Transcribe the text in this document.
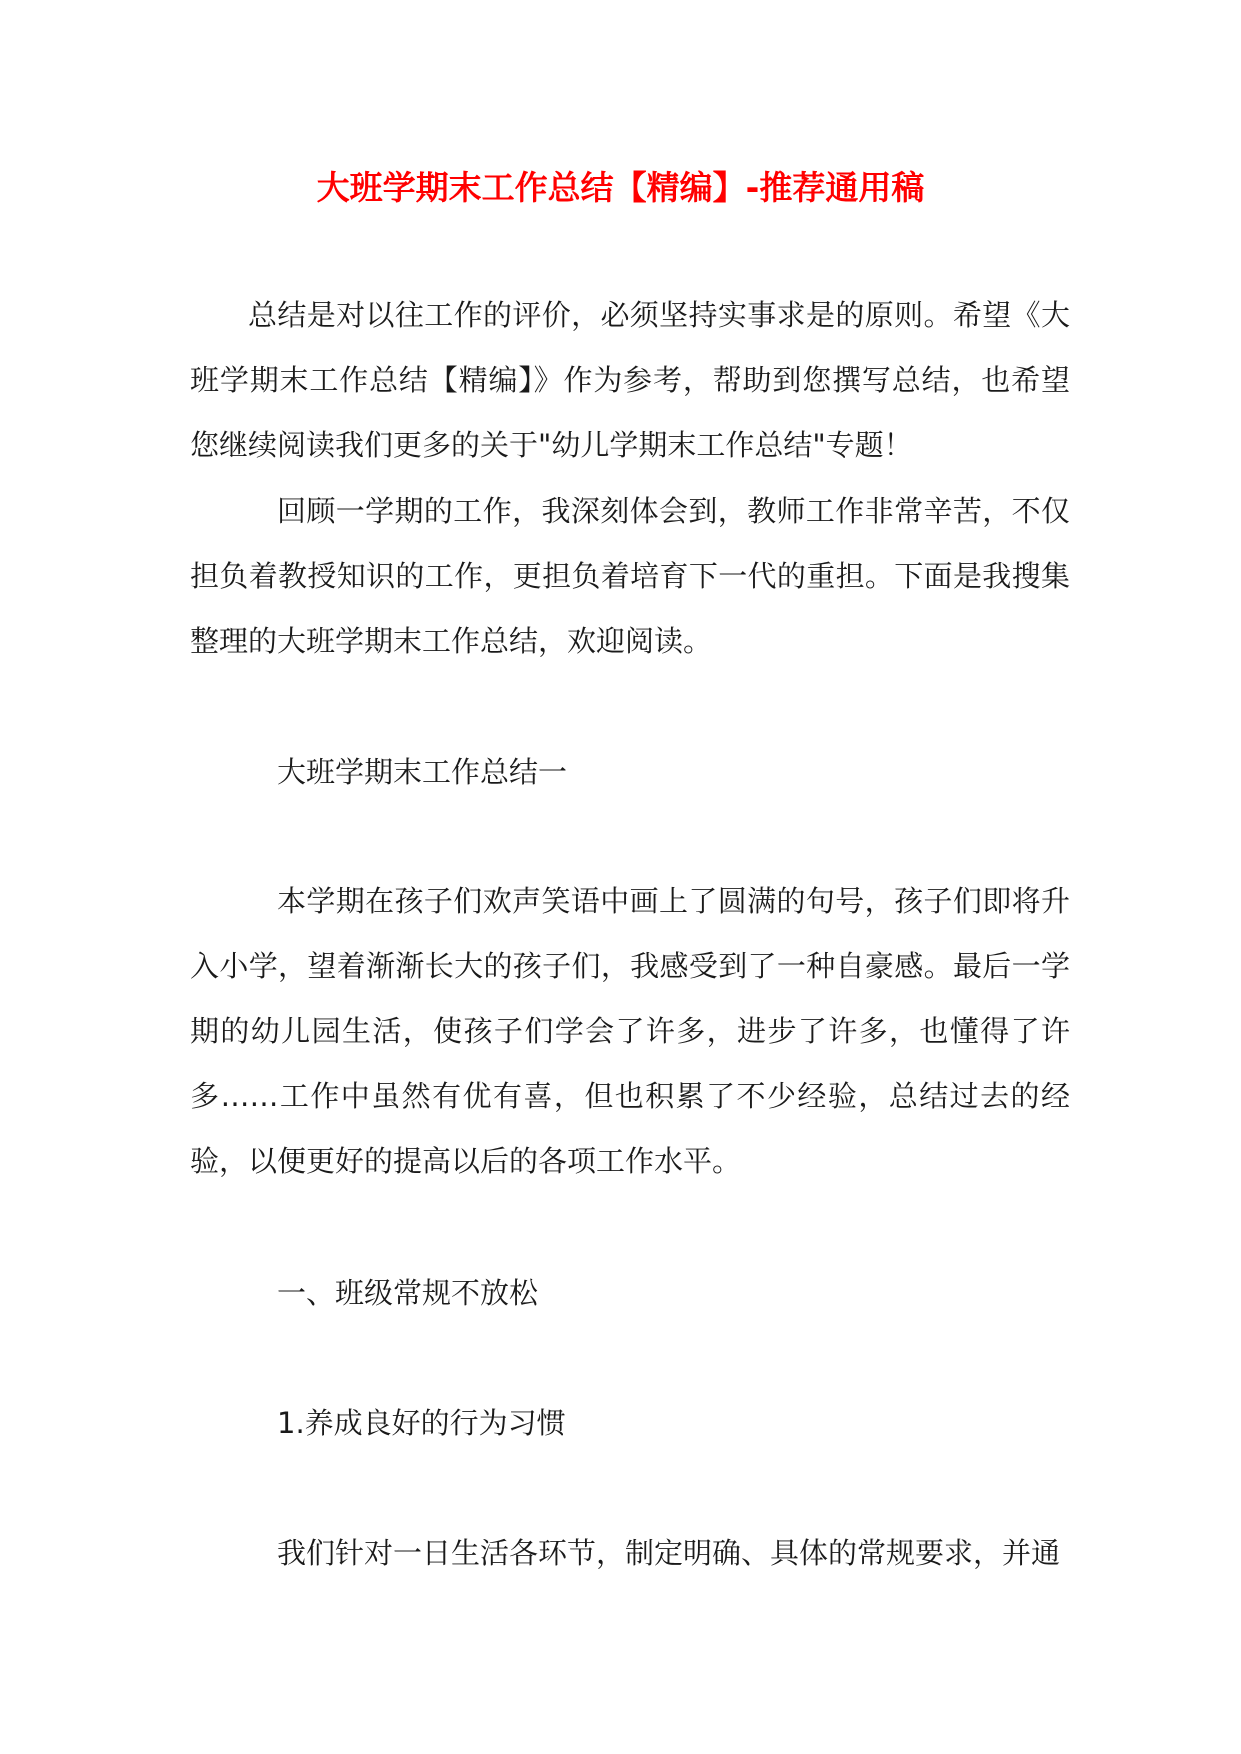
大班学期末工作总结【精编】-推荐通用稿
总结是对以往工作的评价，必须坚持实事求是的原则。希望《大班学期末工作总结【精编】》作为参考，帮助到您撰写总结，也希望您继续阅读我们更多的关于"幼儿学期末工作总结"专题！
回顾一学期的工作，我深刻体会到，教师工作非常辛苦，不仅担负着教授知识的工作，更担负着培育下一代的重担。下面是我搜集整理的大班学期末工作总结，欢迎阅读。
大班学期末工作总结一
本学期在孩子们欢声笑语中画上了圆满的句号，孩子们即将升入小学，望着渐渐长大的孩子们，我感受到了一种自豪感。最后一学期的幼儿园生活，使孩子们学会了许多，进步了许多，也懂得了许多……工作中虽然有优有喜，但也积累了不少经验，总结过去的经验，以便更好的提高以后的各项工作水平。
一、班级常规不放松
1.养成良好的行为习惯
我们针对一日生活各环节，制定明确、具体的常规要求，并通
